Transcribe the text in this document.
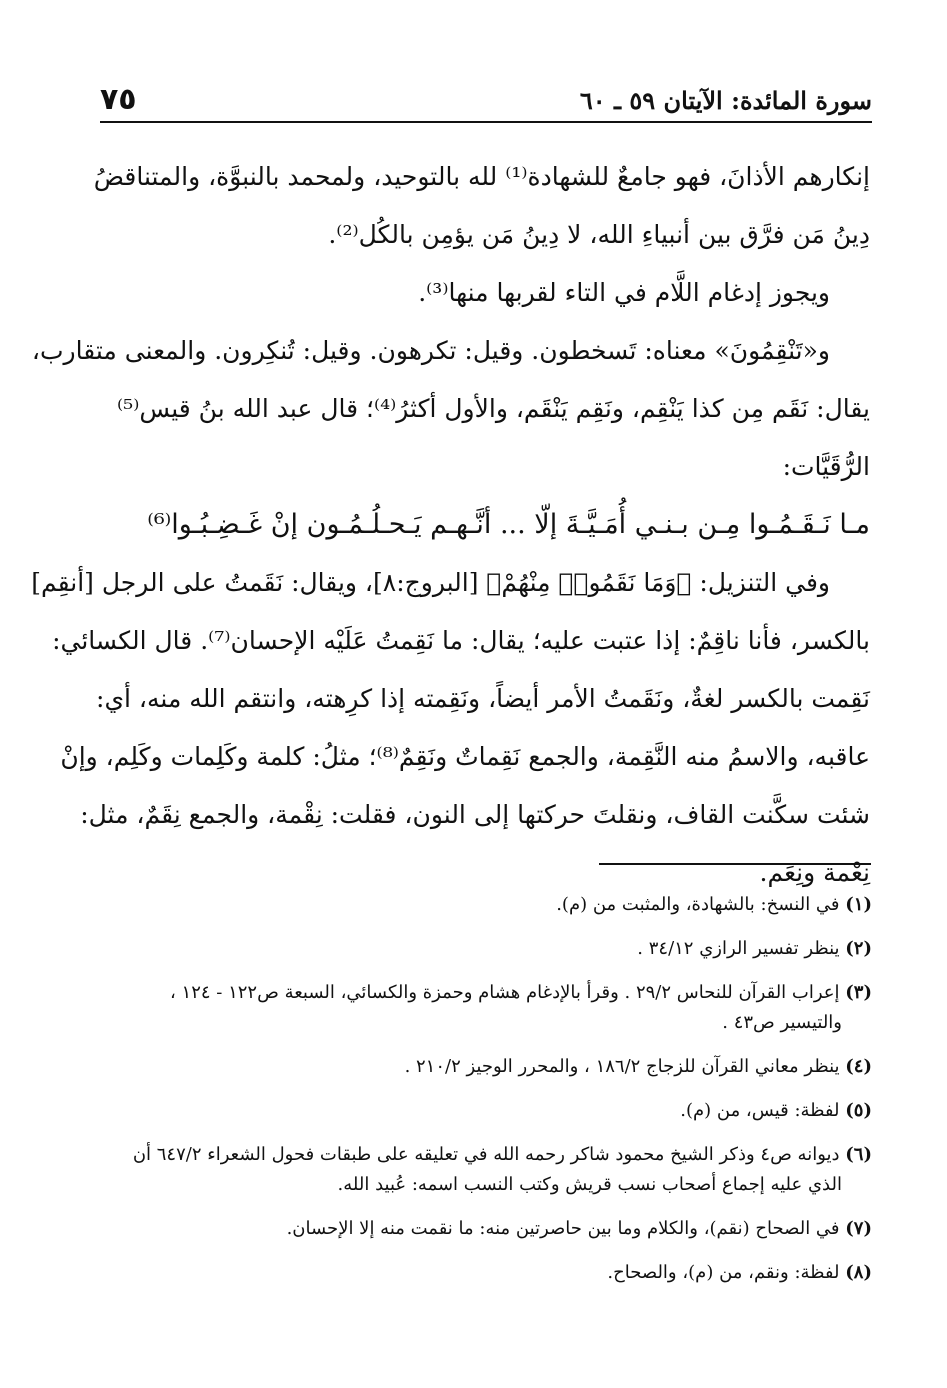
٧٥	سورة المائدة: الآيتان ٥٩ ـ ٦٠
إنكارهم الأذانَ، فهو جامعٌ للشهادة⁽¹⁾ لله بالتوحيد، ولمحمد بالنبوَّة، والمتناقضُ
دِينُ مَن فرَّق بين أنبياءِ الله، لا دِينُ مَن يؤمِن بالكُل⁽²⁾.
ويجوز إدغام اللَّام في التاء لقربها منها⁽³⁾.
و«تَنْقِمُونَ» معناه: تَسخطون. وقيل: تكرهون. وقيل: تُنكِرون. والمعنى متقارب،
يقال: نَقَم مِن كذا يَنْقِم، ونَقِم يَنْقَم، والأول أكثرُ⁽⁴⁾؛ قال عبد الله بنُ قيس⁽⁵⁾
الرُّقَيَّات:
مـا نَـقَـمُـوا مِـن بـنـي أُمَـيَّـةَ إلّا ... أنَّـهـم يَـحـلُـمُـون إنْ غَـضِـبُـوا⁽⁶⁾
وفي التنزيل: ﴿وَمَا نَقَمُوا۟ مِنْهُمْ﴾ [البروج:٨]، ويقال: نَقَمتُ على الرجل [أنقِم]
بالكسر، فأنا ناقِمٌ: إذا عتبت عليه؛ يقال: ما نَقِمتُ عَلَيْه الإحسان⁽⁷⁾. قال الكسائي:
نَقِمت بالكسر لغةٌ، ونَقَمتُ الأمر أيضاً، ونَقِمته إذا كرِهته، وانتقم الله منه، أي:
عاقبه، والاسمُ منه النَّقِمة، والجمع نَقِماتٌ ونَقِمٌ⁽⁸⁾؛ مثلُ: كلمة وكَلِمات وكَلِم، وإنْ
شئت سكَّنت القاف، ونقلتَ حركتها إلى النون، فقلت: نِقْمة، والجمع نِقَمٌ، مثل:
نِعْمة ونِعَم.
(١) في النسخ: بالشهادة، والمثبت من (م).
(٢) ينظر تفسير الرازي ٣٤/١٢ .
(٣) إعراب القرآن للنحاس ٢٩/٢ . وقرأ بالإدغام هشام وحمزة والكسائي، السبعة ص١٢٢ - ١٢٤ ،
والتيسير ص٤٣ .
(٤) ينظر معاني القرآن للزجاج ١٨٦/٢ ، والمحرر الوجيز ٢١٠/٢ .
(٥) لفظة: قيس، من (م).
(٦) ديوانه ص٤ وذكر الشيخ محمود شاكر رحمه الله في تعليقه على طبقات فحول الشعراء ٦٤٧/٢ أن
الذي عليه إجماع أصحاب نسب قريش وكتب النسب اسمه: عُبيد الله.
(٧) في الصحاح (نقم)، والكلام وما بين حاصرتين منه: ما نقمت منه إلا الإحسان.
(٨) لفظة: ونقم، من (م)، والصحاح.
